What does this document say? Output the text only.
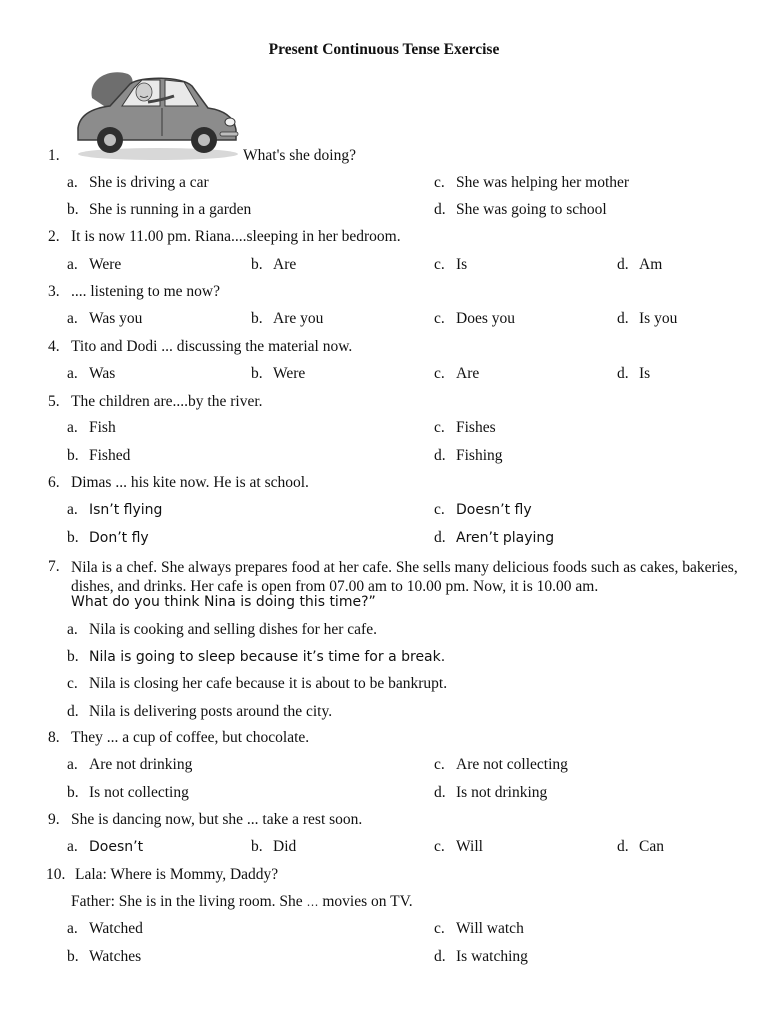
Present Continuous Tense Exercise
1.	What's she doing?
a. She is driving a car	c. She was helping her mother
b. She is running in a garden	d. She was going to school
2. It is now 11.00 pm. Riana....sleeping in her bedroom.
a. Were	b. Are	c. Is	d. Am
3. .... listening to me now?
a. Was you	b. Are you	c. Does you	d. Is you
4. Tito and Dodi ... discussing the material now.
a. Was	b. Were	c. Are	d. Is
5. The children are....by the river.
a. Fish	c. Fishes
b. Fished	d. Fishing
6. Dimas ... his kite now. He is at school.
a. Isn’t flying	c. Doesn’t fly
b. Don’t fly	d. Aren’t playing
7. Nila is a chef. She always prepares food at her cafe. She sells many delicious foods such as cakes, bakeries, dishes, and drinks. Her cafe is open from 07.00 am to 10.00 pm. Now, it is 10.00 am.
What do you think Nina is doing this time?”
a. Nila is cooking and selling dishes for her cafe.
b. Nila is going to sleep because it’s time for a break.
c. Nila is closing her cafe because it is about to be bankrupt.
d. Nila is delivering posts around the city.
8. They ... a cup of coffee, but chocolate.
a. Are not drinking	c. Are not collecting
b. Is not collecting	d. Is not drinking
9. She is dancing now, but she ... take a rest soon.
a. Doesn’t	b. Did	c. Will	d. Can
10. Lala: Where is Mommy, Daddy?
Father: She is in the living room. She … movies on TV.
a. Watched	c. Will watch
b. Watches	d. Is watching
